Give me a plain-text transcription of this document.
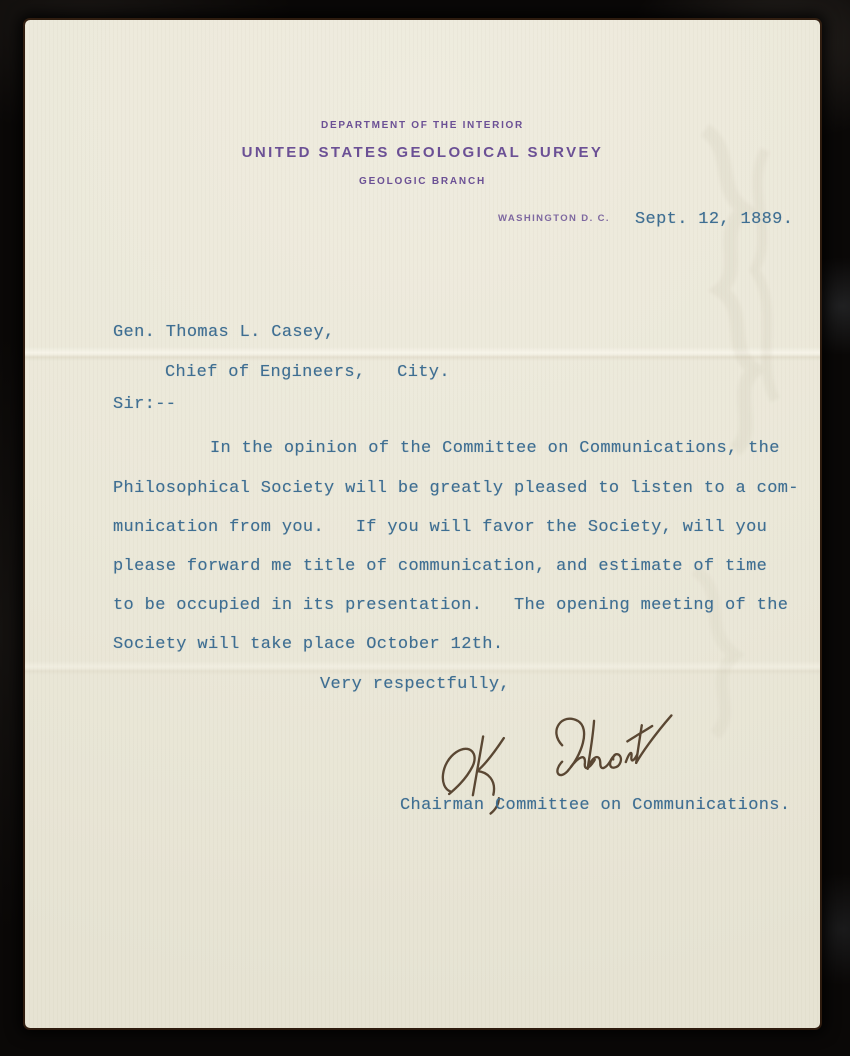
DEPARTMENT OF THE INTERIOR
UNITED STATES GEOLOGICAL SURVEY
GEOLOGIC BRANCH
WASHINGTON D. C. Sept. 12, 1889.
Gen. Thomas L. Casey,
Chief of Engineers,   City.
Sir:--
In the opinion of the Committee on Communications, the
Philosophical Society will be greatly pleased to listen to a com-
munication from you.   If you will favor the Society, will you
please forward me title of communication, and estimate of time
to be occupied in its presentation.   The opening meeting of the
Society will take place October 12th.
Very respectfully,
Chairman Committee on Communications.
